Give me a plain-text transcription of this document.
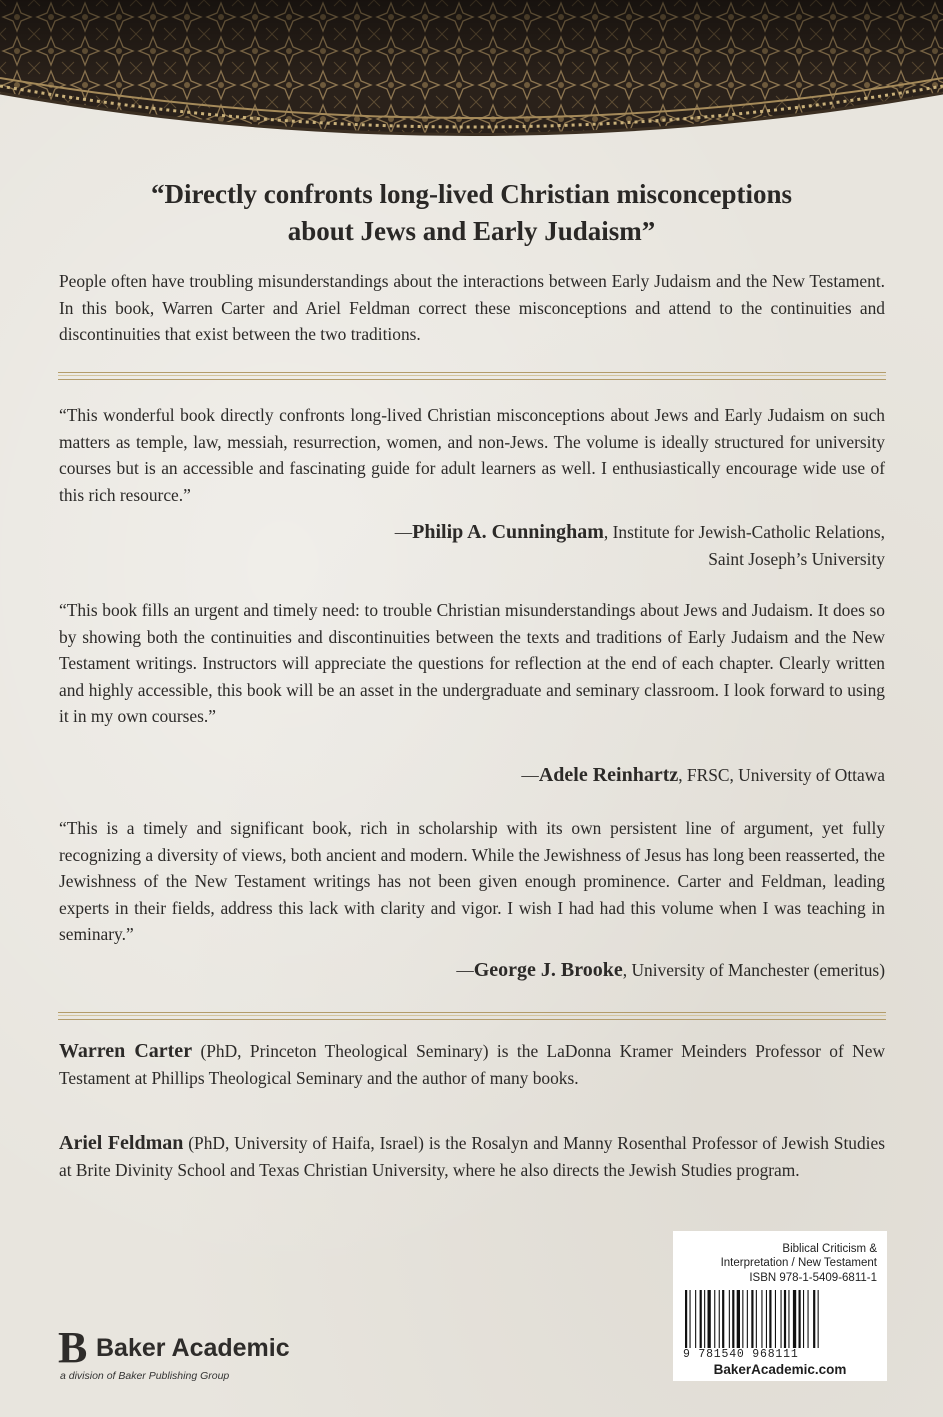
“Directly confronts long-lived Christian misconceptions
about Jews and Early Judaism”

People often have troubling misunderstandings about the interactions between Early Judaism and the New Testament. In this book, Warren Carter and Ariel Feldman correct these misconceptions and attend to the continuities and discontinuities that exist between the two traditions.

“This wonderful book directly confronts long-lived Christian misconceptions about Jews and Early Judaism on such matters as temple, law, messiah, resurrection, women, and non-Jews. The volume is ideally structured for university courses but is an accessible and fascinating guide for adult learners as well. I enthusiastically encourage wide use of this rich resource.”

—Philip A. Cunningham, Institute for Jewish-Catholic Relations,
Saint Joseph’s University

“This book fills an urgent and timely need: to trouble Christian misunderstandings about Jews and Judaism. It does so by showing both the continuities and discontinuities between the texts and traditions of Early Judaism and the New Testament writings. Instructors will appreciate the questions for reflection at the end of each chapter. Clearly written and highly accessible, this book will be an asset in the undergraduate and seminary classroom. I look forward to using it in my own courses.”

—Adele Reinhartz, FRSC, University of Ottawa

“This is a timely and significant book, rich in scholarship with its own persistent line of argument, yet fully recognizing a diversity of views, both ancient and modern. While the Jewishness of Jesus has long been reasserted, the Jewishness of the New Testament writings has not been given enough prominence. Carter and Feldman, leading experts in their fields, address this lack with clarity and vigor. I wish I had had this volume when I was teaching in seminary.”

—George J. Brooke, University of Manchester (emeritus)

Warren Carter (PhD, Princeton Theological Seminary) is the LaDonna Kramer Meinders Professor of New Testament at Phillips Theological Seminary and the author of many books.

Ariel Feldman (PhD, University of Haifa, Israel) is the Rosalyn and Manny Rosenthal Professor of Jewish Studies at Brite Divinity School and Texas Christian University, where he also directs the Jewish Studies program.

B Baker Academic
a division of Baker Publishing Group
Biblical Criticism &
Interpretation / New Testament
ISBN 978-1-5409-6811-1
9 781540 968111
BakerAcademic.com
